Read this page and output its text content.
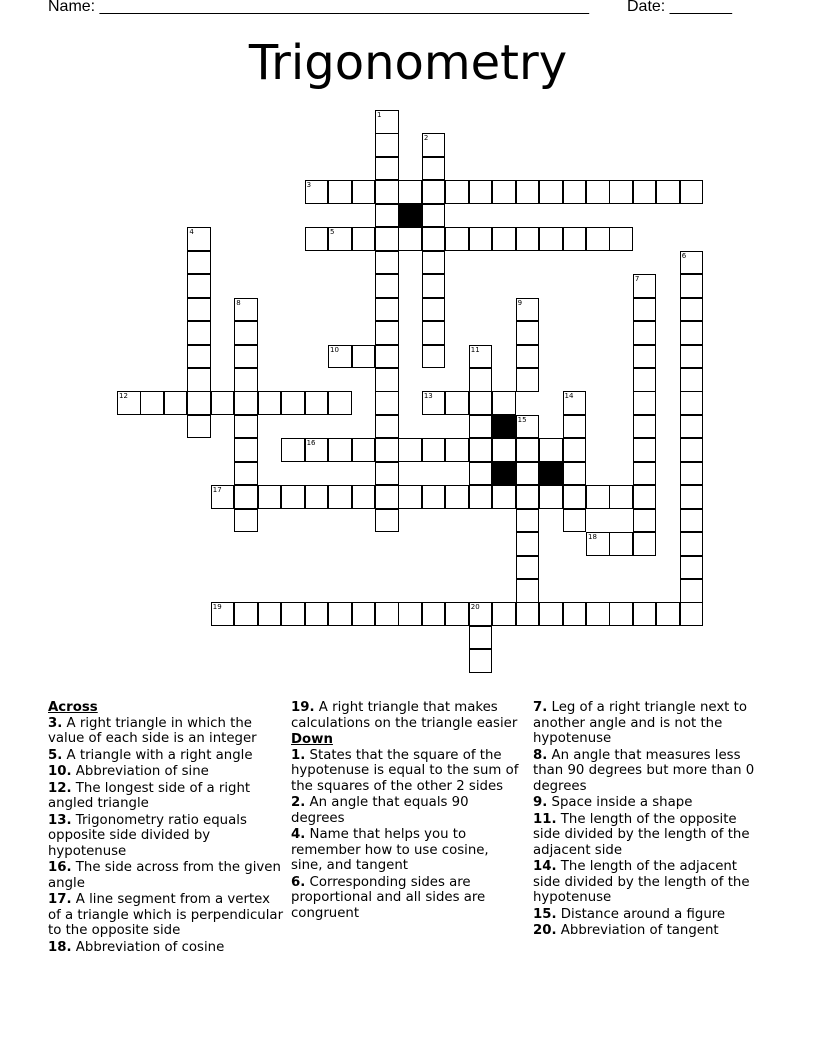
Name: _______________________________________________________ Date: _______
Trigonometry
1
2
3
4	5
6
7
8	9
10	11
12	13	14
15
16
17
18
19	20
Across
3. A right triangle in which the value of each side is an integer
5. A triangle with a right angle
10. Abbreviation of sine
12. The longest side of a right angled triangle
13. Trigonometry ratio equals opposite side divided by hypotenuse
16. The side across from the given angle
17. A line segment from a vertex of a triangle which is perpendicular to the opposite side
18. Abbreviation of cosine
19. A right triangle that makes calculations on the triangle easier
Down
1. States that the square of the hypotenuse is equal to the sum of the squares of the other 2 sides
2. An angle that equals 90 degrees
4. Name that helps you to remember how to use cosine, sine, and tangent
6. Corresponding sides are proportional and all sides are congruent
7. Leg of a right triangle next to another angle and is not the hypotenuse
8. An angle that measures less than 90 degrees but more than 0 degrees
9. Space inside a shape
11. The length of the opposite side divided by the length of the adjacent side
14. The length of the adjacent side divided by the length of the hypotenuse
15. Distance around a figure
20. Abbreviation of tangent
